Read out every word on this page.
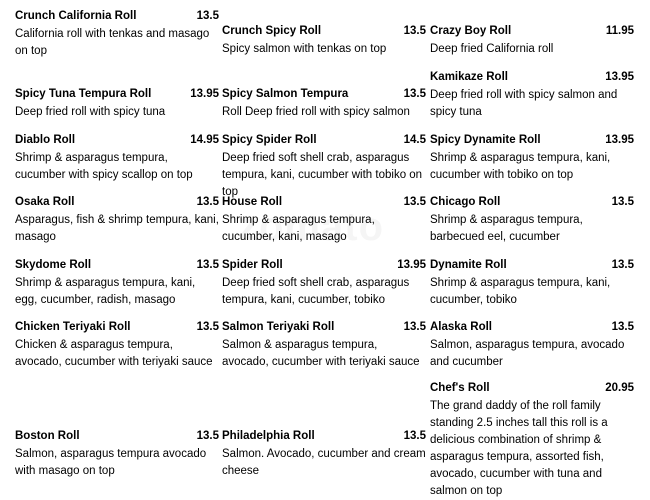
Crunch California Roll	13.5
California roll with tenkas and masago on top
Crunch Spicy Roll	13.5
Spicy salmon with tenkas on top
Crazy Boy Roll	11.95
Deep fried California roll
Kamikaze Roll	13.95
Deep fried roll with spicy salmon and spicy tuna
Spicy Tuna Tempura Roll	13.95
Deep fried roll with spicy tuna
Spicy Salmon Tempura	13.5
Roll Deep fried roll with spicy salmon
Diablo Roll	14.95
Shrimp & asparagus tempura, cucumber with spicy scallop on top
Spicy Spider Roll	14.5
Deep fried soft shell crab, asparagus tempura, kani, cucumber with tobiko on top
Spicy Dynamite Roll	13.95
Shrimp & asparagus tempura, kani, cucumber with tobiko on top
Osaka Roll	13.5
Asparagus, fish & shrimp tempura, kani, masago
House Roll	13.5
Shrimp & asparagus tempura, cucumber, kani, masago
Chicago Roll	13.5
Shrimp & asparagus tempura, barbecued eel, cucumber
Skydome Roll	13.5
Shrimp & asparagus tempura, kani, egg, cucumber, radish, masago
Spider Roll	13.95
Deep fried soft shell crab, asparagus tempura, kani, cucumber, tobiko
Dynamite Roll	13.5
Shrimp & asparagus tempura, kani, cucumber, tobiko
Chicken Teriyaki Roll	13.5
Chicken & asparagus tempura, avocado, cucumber with teriyaki sauce
Salmon Teriyaki Roll	13.5
Salmon & asparagus tempura, avocado, cucumber with teriyaki sauce
Alaska Roll	13.5
Salmon, asparagus tempura, avocado and cucumber
Chef's Roll	20.95
The grand daddy of the roll family standing 2.5 inches tall this roll is a delicious combination of shrimp & asparagus tempura, assorted fish, avocado, cucumber with tuna and salmon on top
Boston Roll	13.5
Salmon, asparagus tempura avocado with masago on top
Philadelphia Roll	13.5
Salmon. Avocado, cucumber and cream cheese
